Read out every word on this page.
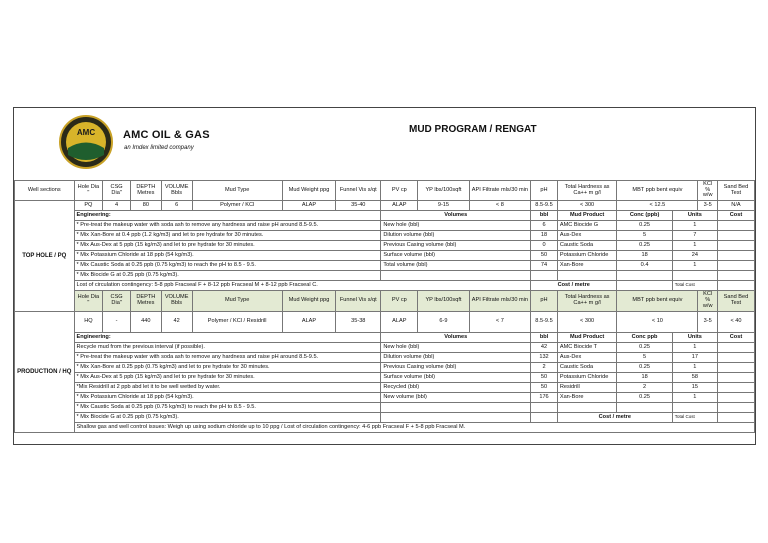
AMC	AMC OIL & GAS
an Imdex limited company
MUD PROGRAM / RENGAT
Well sections	Hole Dia "	CSG Dia"	DEPTH Metres	VOLUME Bbls	Mud Type	Mud Weight ppg	Funnel Vis s/qt	PV cp	YP lbs/100sqft	API Filtrate mls/30 min	pH	Total Hardness as Ca++ m g/l	MBT ppb bent equiv		KCl % w/w	Sand Bed Test
TOP HOLE / PQ	PQ	4	80	6	Polymer / KCl	ALAP	35-40	ALAP	9-15	< 8	8.5-9.5	< 300	< 12.5		3-5	N/A
	Engineering:							Volumes			bbl	Mud Product	Conc (ppb)	Units		Cost
	* Pre-treat the makeup water with soda ash to remove any hardness and raise pH around 8.5-9.5.							New hole (bbl)			6	AMC Biocide G	0.25	1		
	* Mix Xan-Bore at 0.4 ppb (1.2 kg/m3) and let to pre hydrate for 30 minutes.							Dilution volume (bbl)			18	Aus-Dex	5	7		
	* Mix Aus-Dex at 5 ppb (15 kg/m3) and let to pre hydrate for 30 minutes.							Previous Casing volume (bbl)			0	Caustic Soda	0.25	1		
	* Mix Potassium Chloride at 18 ppb (54 kg/m3).							Surface volume (bbl)			50	Potassium Chloride	18	24		
	* Mix Caustic Soda at 0.25 ppb (0.75 kg/m3) to reach the pH to 8.5 - 9.5.							Total volume (bbl)			74	Xan-Bore	0.4	1		
	* Mix Biocide G at 0.25 ppb (0.75 kg/m3).															
	Lost of circulation contingency: 5-8 ppb Fracseal F + 8-12 ppb Fracseal M + 8-12 ppb Fracseal C.										Cost / metre			Total Cost		
	Hole Dia "	CSG Dia"	DEPTH Metres	VOLUME Bbls	Mud Type	Mud Weight ppg	Funnel Vis s/qt	PV cp	YP lbs/100sqft	API Filtrate mls/30 min	pH	Total Hardness as Ca++ m g/l	MBT ppb bent equiv		KCl % w/w	Sand Bed Test
PRODUCTION / HQ	HQ	-	440	42	Polymer / KCl / Residrill	ALAP	35-38	ALAP	6-9	< 7	8.5-9.5	< 300	< 10		3-5	< 40
	Engineering:							Volumes			bbl	Mud Product	Conc ppb	Units		Cost
	Recycle mud from the previous interval (if possible).							New hole (bbl)			42	AMC Biocide T	0.25	1		
	* Pre-treat the makeup water with soda ash to remove any hardness and raise pH around 8.5-9.5.							Dilution volume (bbl)			132	Aus-Dex	5	17		
	* Mix Xan-Bore at 0.25 ppb (0.75 kg/m3) and let to pre hydrate for 30 minutes.							Previous Casing volume (bbl)			2	Caustic Soda	0.25	1		
	* Mix Aus-Dex at 5 ppb (15 kg/m3) and let to pre hydrate for 30 minutes.							Surface volume (bbl)			50	Potassium Chloride	18	58		
	*Mix Residrill at 2 ppb abd let it to be well wetted by water.							Recycled (bbl)			50	Residrill	2	15		
	* Mix Potassium Chloride at 18 ppb (54 kg/m3).							New volume (bbl)			176	Xan-Bore	0.25	1		
	* Mix Caustic Soda at 0.25 ppb (0.75 kg/m3) to reach the pH to 8.5 - 9.5.															
	* Mix Biocide G at 0.25 ppb (0.75 kg/m3).											Cost / metre		Total Cost		
	Shallow gas and well control issues: Weigh up using sodium chloride up to 10 ppg / Lost of circulation contingency: 4-6 ppb Fracseal F + 5-8 ppb Fracseal M.															
